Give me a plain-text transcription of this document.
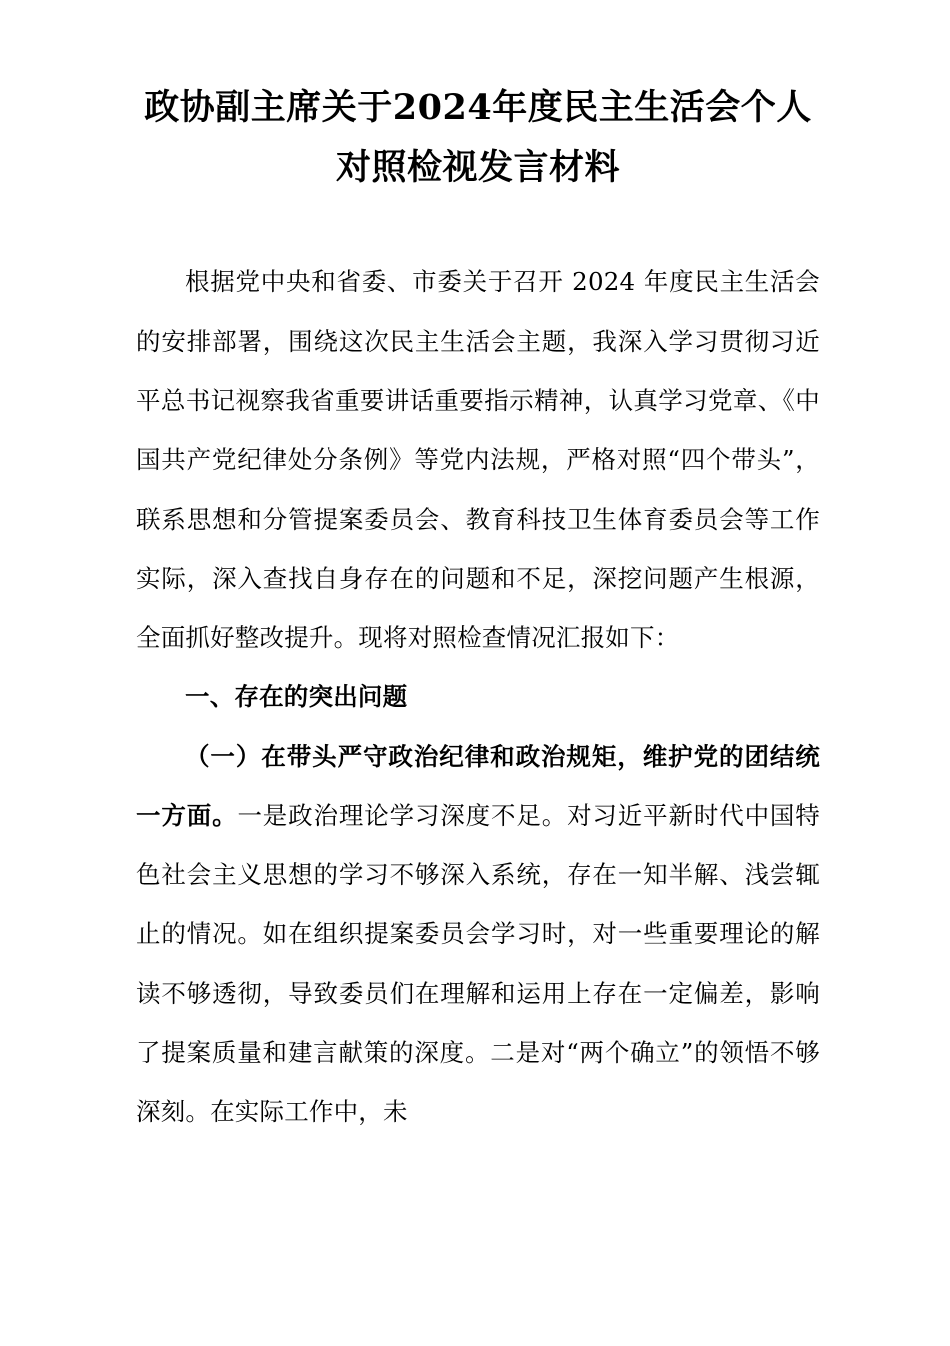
政协副主席关于2024年度民主生活会个人对照检视发言材料

根据党中央和省委、市委关于召开 2024 年度民主生活会的安排部署，围绕这次民主生活会主题，我深入学习贯彻习近平总书记视察我省重要讲话重要指示精神，认真学习党章、《中国共产党纪律处分条例》等党内法规，严格对照“四个带头”，联系思想和分管提案委员会、教育科技卫生体育委员会等工作实际，深入查找自身存在的问题和不足，深挖问题产生根源，全面抓好整改提升。现将对照检查情况汇报如下：

一、存在的突出问题

（一）在带头严守政治纪律和政治规矩，维护党的团结统一方面。一是政治理论学习深度不足。对习近平新时代中国特色社会主义思想的学习不够深入系统，存在一知半解、浅尝辄止的情况。如在组织提案委员会学习时，对一些重要理论的解读不够透彻，导致委员们在理解和运用上存在一定偏差，影响了提案质量和建言献策的深度。二是对“两个确立”的领悟不够深刻。在实际工作中，未
